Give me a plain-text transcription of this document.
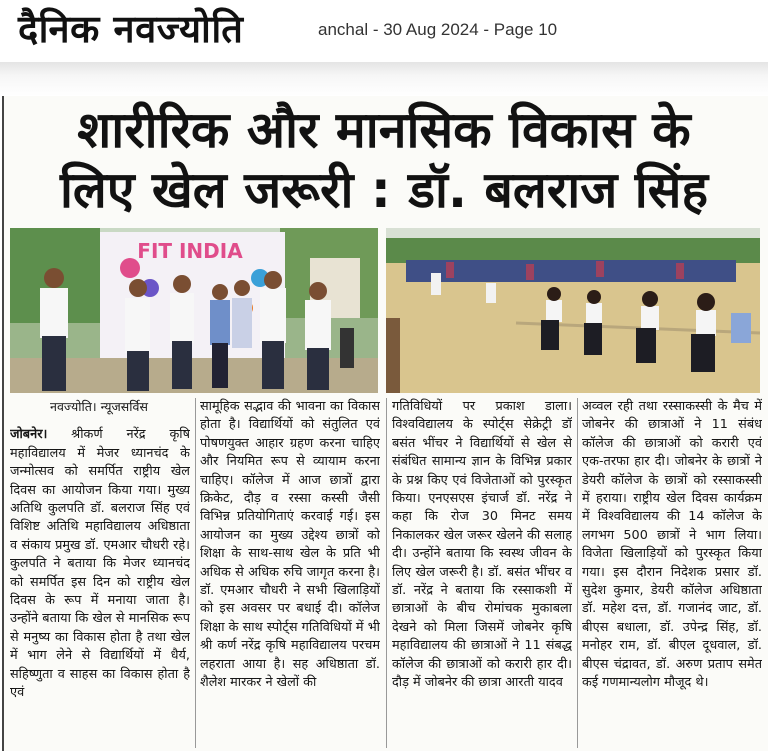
दैनिक नवज्योति	anchal - 30 Aug 2024 - Page 10
शारीरिक और मानसिक विकास के
लिए खेल जरूरी : डॉ. बलराज सिंह
FIT INDIA
नवज्योति। न्यूजसर्विस
जोबनेर। श्रीकर्ण नरेंद्र कृषि महाविद्यालय में मेजर ध्यानचंद के जन्मोत्सव को समर्पित राष्ट्रीय खेल दिवस का आयोजन किया गया। मुख्य अतिथि कुलपति डॉ. बलराज सिंह एवं विशिष्ट अतिथि महाविद्यालय अधिष्ठाता व संकाय प्रमुख डॉ. एमआर चौधरी रहे। कुलपति ने बताया कि मेजर ध्यानचंद को समर्पित इस दिन को राष्ट्रीय खेल दिवस के रूप में मनाया जाता है। उन्होंने बताया कि खेल से मानसिक रूप से मनुष्य का विकास होता है तथा खेल में भाग लेने से विद्यार्थियों में धैर्य, सहिष्णुता व साहस का विकास होता है एवं
सामूहिक सद्भाव की भावना का विकास होता है। विद्यार्थियों को संतुलित एवं पोषणयुक्त आहार ग्रहण करना चाहिए और नियमित रूप से व्यायाम करना चाहिए। कॉलेज में आज छात्रों द्वारा क्रिकेट, दौड़ व रस्सा कस्सी जैसी विभिन्न प्रतियोगिताएं करवाई गई। इस आयोजन का मुख्य उद्देश्य छात्रों को शिक्षा के साथ-साथ खेल के प्रति भी अधिक से अधिक रुचि जागृत करना है। डॉ. एमआर चौधरी ने सभी खिलाड़ियों को इस अवसर पर बधाई दी। कॉलेज शिक्षा के साथ स्पोर्ट्स गतिविधियों में भी श्री कर्ण नरेंद्र कृषि महाविद्यालय परचम लहराता आया है। सह अधिष्ठाता डॉ. शैलेश मारकर ने खेलों की
गतिविधियों पर प्रकाश डाला। विश्वविद्यालय के स्पोर्ट्स सेक्रेट्री डॉ बसंत भींचर ने विद्यार्थियों से खेल से संबंधित सामान्य ज्ञान के विभिन्न प्रकार के प्रश्न किए एवं विजेताओं को पुरस्कृत किया। एनएसएस इंचार्ज डॉ. नरेंद्र ने कहा कि रोज 30 मिनट समय निकालकर खेल जरूर खेलने की सलाह दी। उन्होंने बताया कि स्वस्थ जीवन के लिए खेल जरूरी है। डॉ. बसंत भींचर व डॉ. नरेंद्र ने बताया कि रस्साकशी में छात्राओं के बीच रोमांचक मुकाबला देखने को मिला जिसमें जोबनेर कृषि महाविद्यालय की छात्राओं ने 11 संबद्ध कॉलेज की छात्राओं को करारी हार दी। दौड़ में जोबनेर की छात्रा आरती यादव
अव्वल रही तथा रस्साकस्सी के मैच में जोबनेर की छात्राओं ने 11 संबंध कॉलेज की छात्राओं को करारी एवं एक-तरफा हार दी। जोबनेर के छात्रों ने डेयरी कॉलेज के छात्रों को रस्साकस्सी में हराया। राष्ट्रीय खेल दिवस कार्यक्रम में विश्वविद्यालय की 14 कॉलेज के लगभग 500 छात्रों ने भाग लिया। विजेता खिलाड़ियों को पुरस्कृत किया गया। इस दौरान निदेशक प्रसार डॉ. सुदेश कुमार, डेयरी कॉलेज अधिष्ठाता डॉ. महेश दत्त, डॉ. गजानंद जाट, डॉ. बीएस बधाला, डॉ. उपेन्द्र सिंह, डॉ. मनोहर राम, डॉ. बीएल दूधवाल, डॉ. बीएस चंद्रावत, डॉ. अरुण प्रताप समेत कई गणमान्यलोग मौजूद थे।
